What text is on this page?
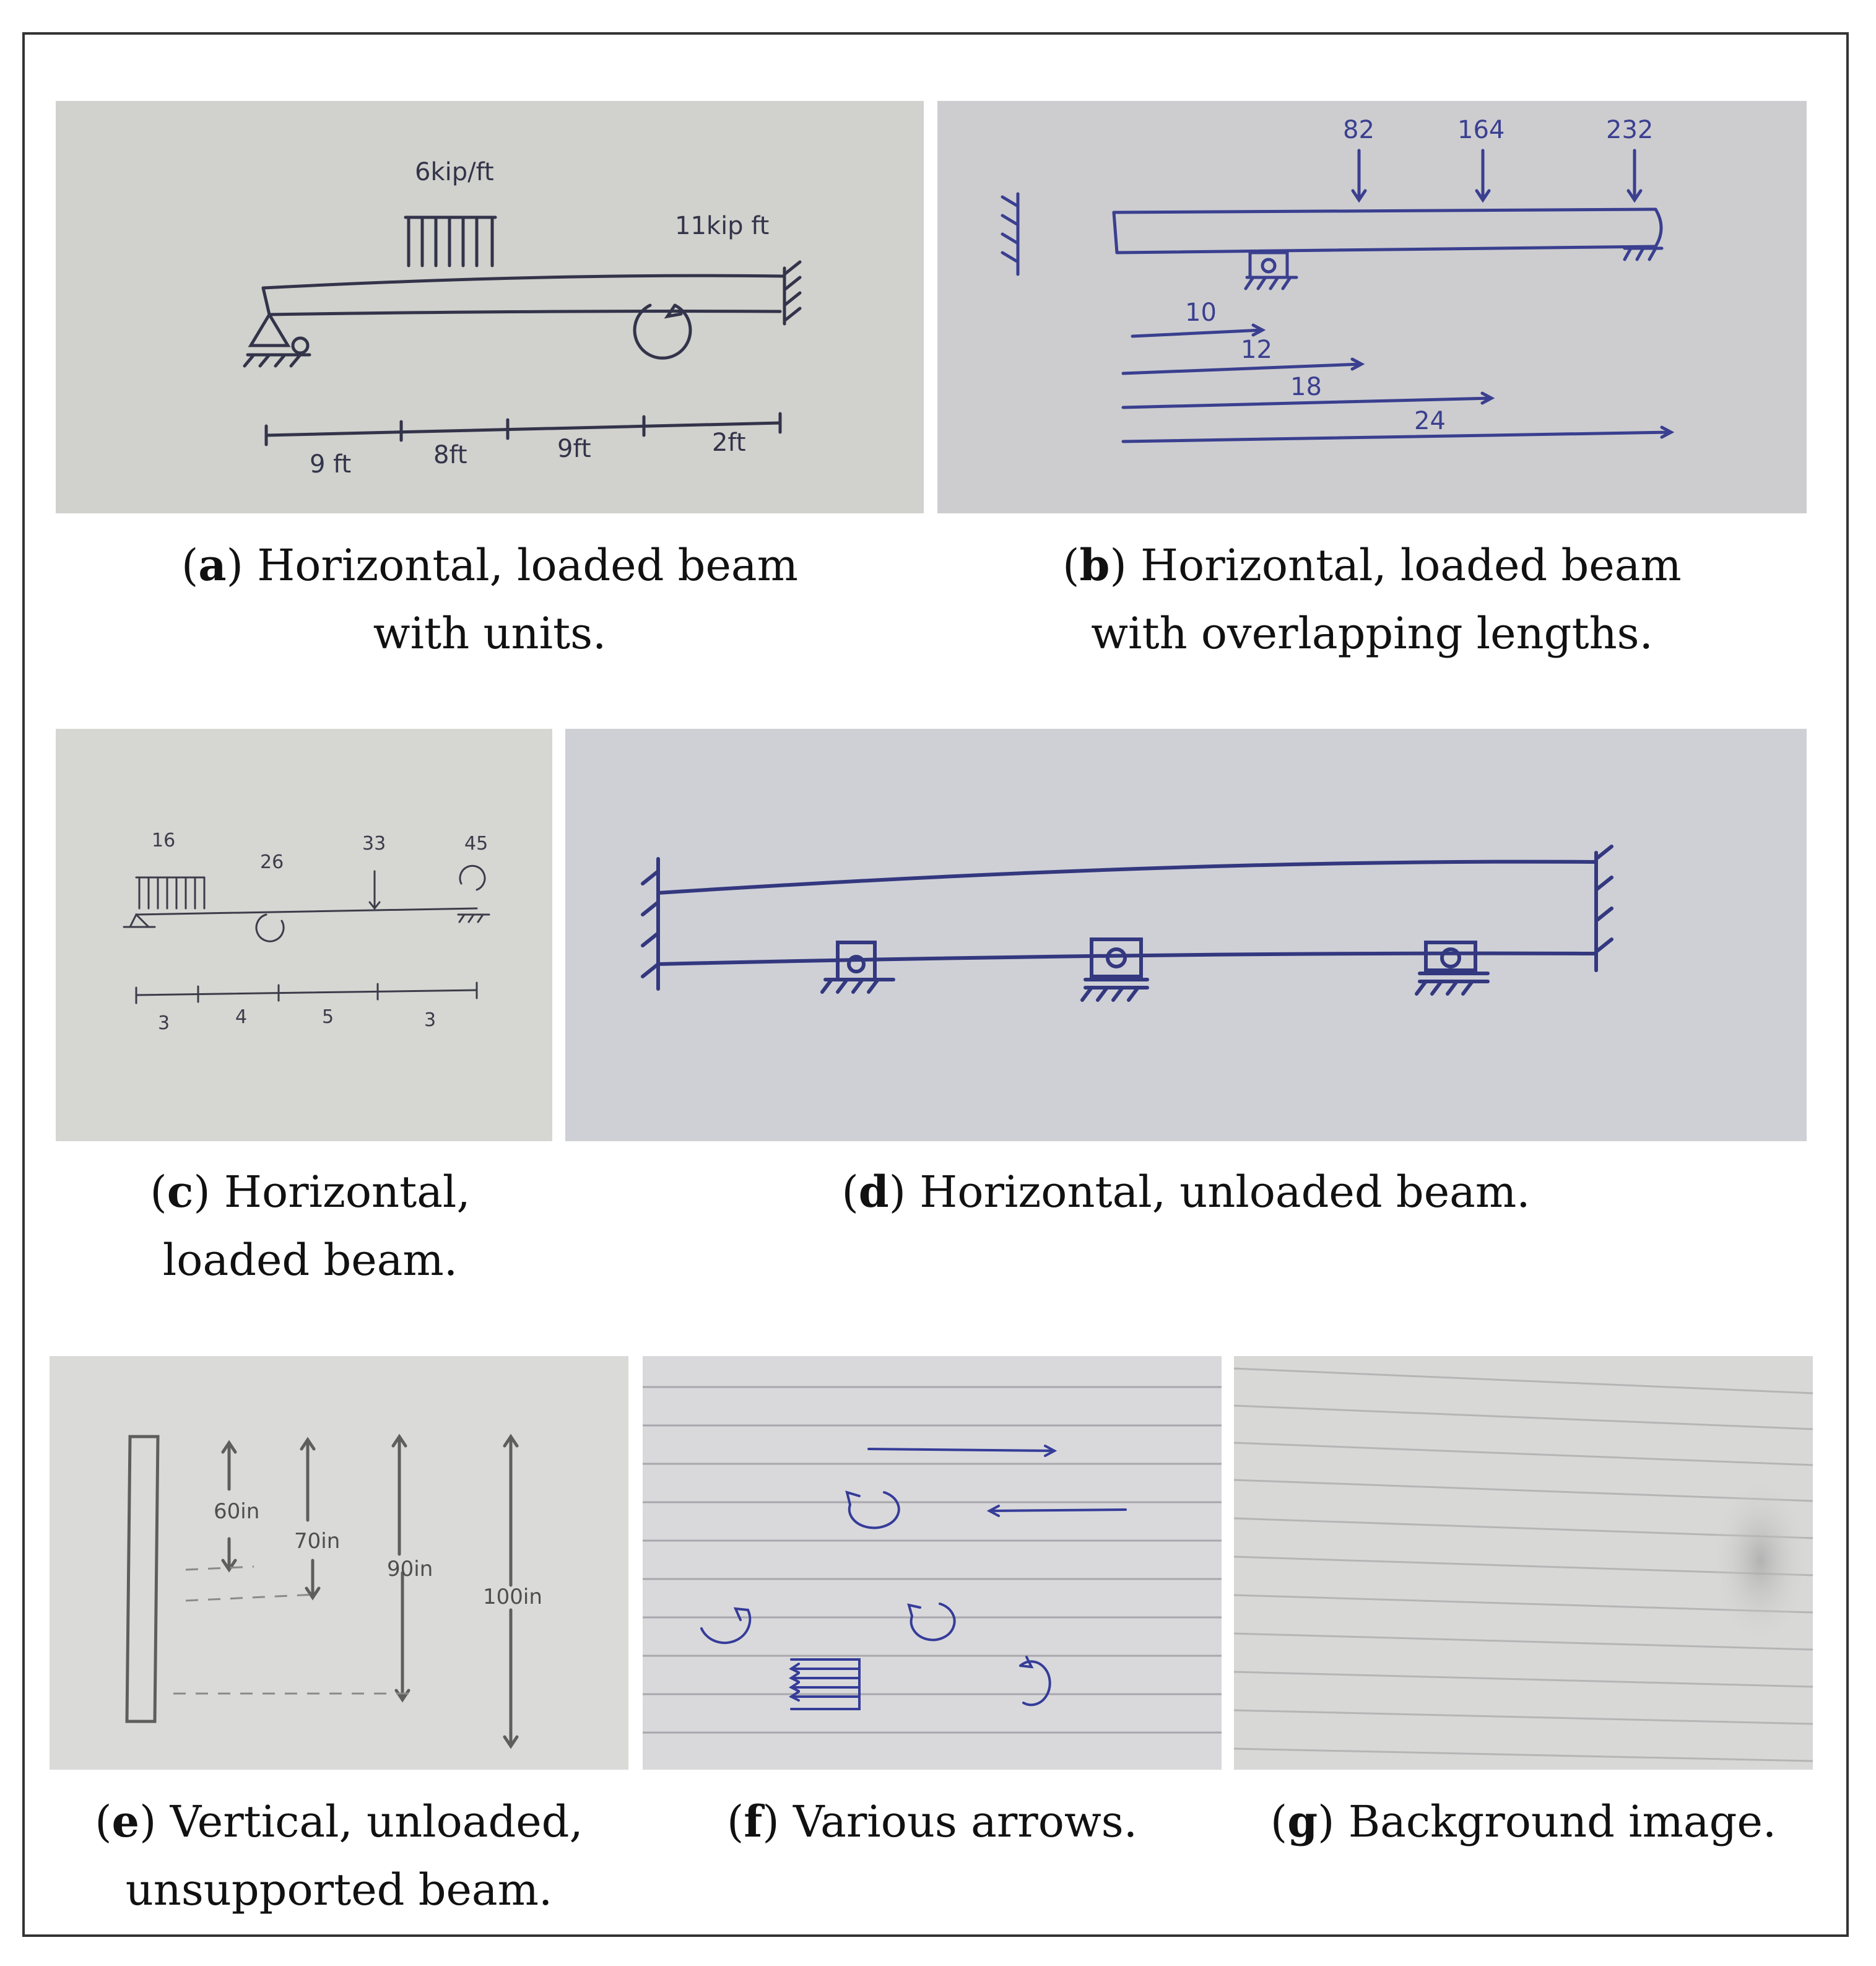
6kip/ft
11kip ft
9 ft	8ft	9ft	2ft
(a) Horizontal, loaded beam
with units.
82	164	232
10
12
18
24
(b) Horizontal, loaded beam
with overlapping lengths.
16
26
33	45
3	4	5	3
(c) Horizontal,
loaded beam.
(d) Horizontal, unloaded beam.
60in
70in
90in
100in
(e) Vertical, unloaded,
unsupported beam.
(f) Various arrows.	(g) Background image.
